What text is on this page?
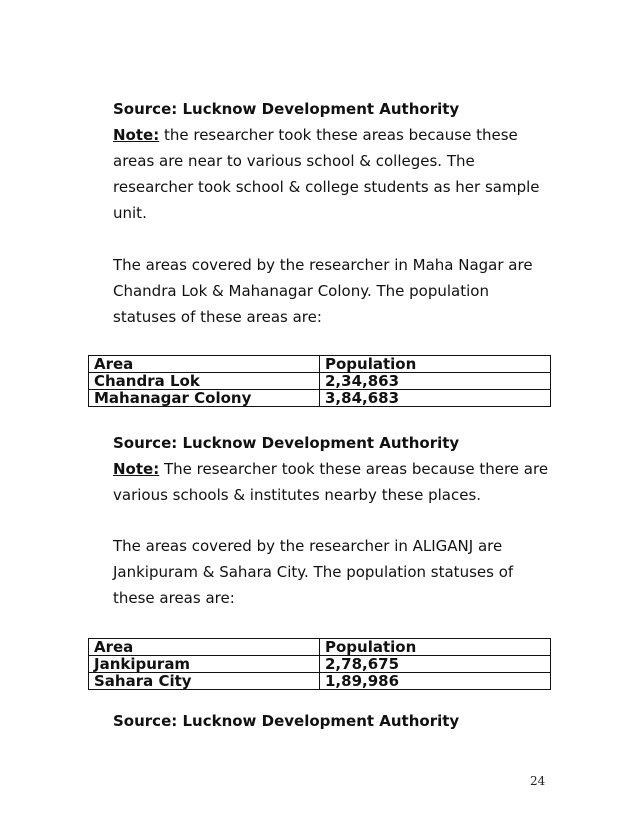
Source: Lucknow Development Authority
Note: the researcher took these areas because these
areas are near to various school & colleges. The
researcher took school & college students as her sample
unit.
The areas covered by the researcher in Maha Nagar are
Chandra Lok & Mahanagar Colony. The population
statuses of these areas are:
Area	Population
Chandra Lok	2,34,863
Mahanagar Colony	3,84,683
Source: Lucknow Development Authority
Note: The researcher took these areas because there are
various schools & institutes nearby these places.
The areas covered by the researcher in ALIGANJ are
Jankipuram & Sahara City. The population statuses of
these areas are:
Area	Population
Jankipuram	2,78,675
Sahara City	1,89,986
Source: Lucknow Development Authority
24
